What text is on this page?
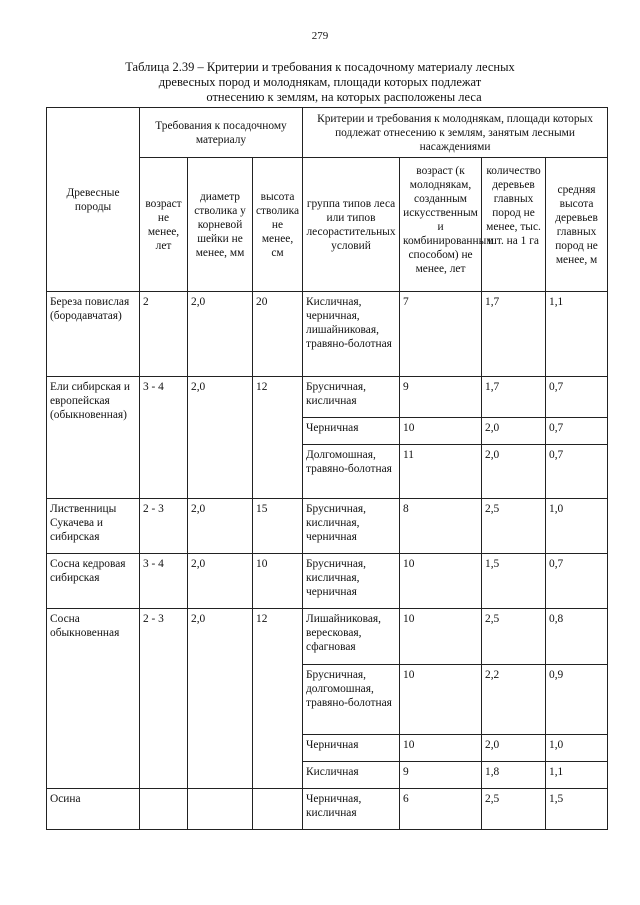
279
Таблица 2.39 – Критерии и требования к посадочному материалу лесных
древесных пород и молоднякам, площади которых подлежат
отнесению к землям, на которых расположены леса
Древесные породы	Требования к посадочному материалу			Критерии и требования к молоднякам, площади которых подлежат отнесению к землям, занятым лесными насаждениями			
	возраст не менее, лет	диаметр стволика у корневой шейки не менее, мм	высота стволика не менее, см	группа типов леса или типов лесорастительных условий	возраст (к молоднякам, созданным искусственным и комбинированным способом) не менее, лет	количество деревьев главных пород не менее, тыс. шт. на 1 га	средняя высота деревьев главных пород не менее, м
Береза повислая (бородавчатая)	2	2,0	20	Кисличная, черничная, лишайниковая, травяно-болотная	7	1,7	1,1
Ели сибирская и европейская (обыкновенная)	3 - 4	2,0	12	Брусничная, кисличная	9	1,7	0,7
				Черничная	10	2,0	0,7
				Долгомошная, травяно-болотная	11	2,0	0,7
Лиственницы Сукачева и сибирская	2 - 3	2,0	15	Брусничная, кисличная, черничная	8	2,5	1,0
Сосна кедровая сибирская	3 - 4	2,0	10	Брусничная, кисличная, черничная	10	1,5	0,7
Сосна обыкновенная	2 - 3	2,0	12	Лишайниковая, вересковая, сфагновая	10	2,5	0,8
				Брусничная, долгомошная, травяно-болотная	10	2,2	0,9
				Черничная	10	2,0	1,0
				Кисличная	9	1,8	1,1
Осина				Черничная, кисличная	6	2,5	1,5
